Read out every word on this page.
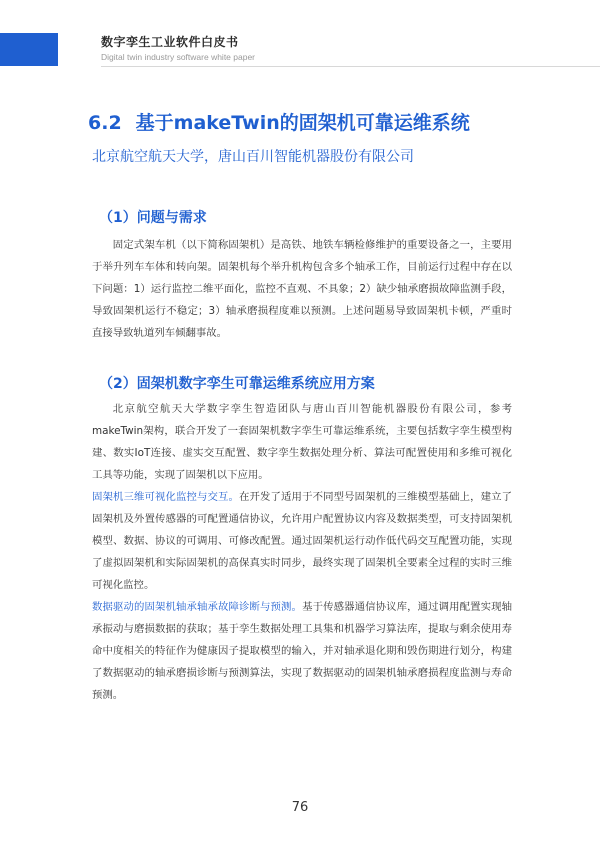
数字孪生工业软件白皮书
Digital twin industry software white paper
6.2 基于makeTwin的固架机可靠运维系统
北京航空航天大学，唐山百川智能机器股份有限公司
（1）问题与需求

固定式架车机（以下简称固架机）是高铁、地铁车辆检修维护的重要设备之一，主要用于举升列车车体和转向架。固架机每个举升机构包含多个轴承工作，目前运行过程中存在以下问题：1）运行监控二维平面化，监控不直观、不具象；2）缺少轴承磨损故障监测手段，导致固架机运行不稳定；3）轴承磨损程度难以预测。上述问题易导致固架机卡顿，严重时直接导致轨道列车倾翻事故。

（2）固架机数字孪生可靠运维系统应用方案

北京航空航天大学数字孪生智造团队与唐山百川智能机器股份有限公司，参考makeTwin架构，联合开发了一套固架机数字孪生可靠运维系统，主要包括数字孪生模型构建、数实IoT连接、虚实交互配置、数字孪生数据处理分析、算法可配置使用和多维可视化工具等功能，实现了固架机以下应用。

固架机三维可视化监控与交互。在开发了适用于不同型号固架机的三维模型基础上，建立了固架机及外置传感器的可配置通信协议，允许用户配置协议内容及数据类型，可支持固架机模型、数据、协议的可调用、可修改配置。通过固架机运行动作低代码交互配置功能，实现了虚拟固架机和实际固架机的高保真实时同步，最终实现了固架机全要素全过程的实时三维可视化监控。

数据驱动的固架机轴承轴承故障诊断与预测。基于传感器通信协议库，通过调用配置实现轴承振动与磨损数据的获取；基于孪生数据处理工具集和机器学习算法库，提取与剩余使用寿命中度相关的特征作为健康因子提取模型的输入，并对轴承退化期和毁伤期进行划分，构建了数据驱动的轴承磨损诊断与预测算法，实现了数据驱动的固架机轴承磨损程度监测与寿命预测。

76
